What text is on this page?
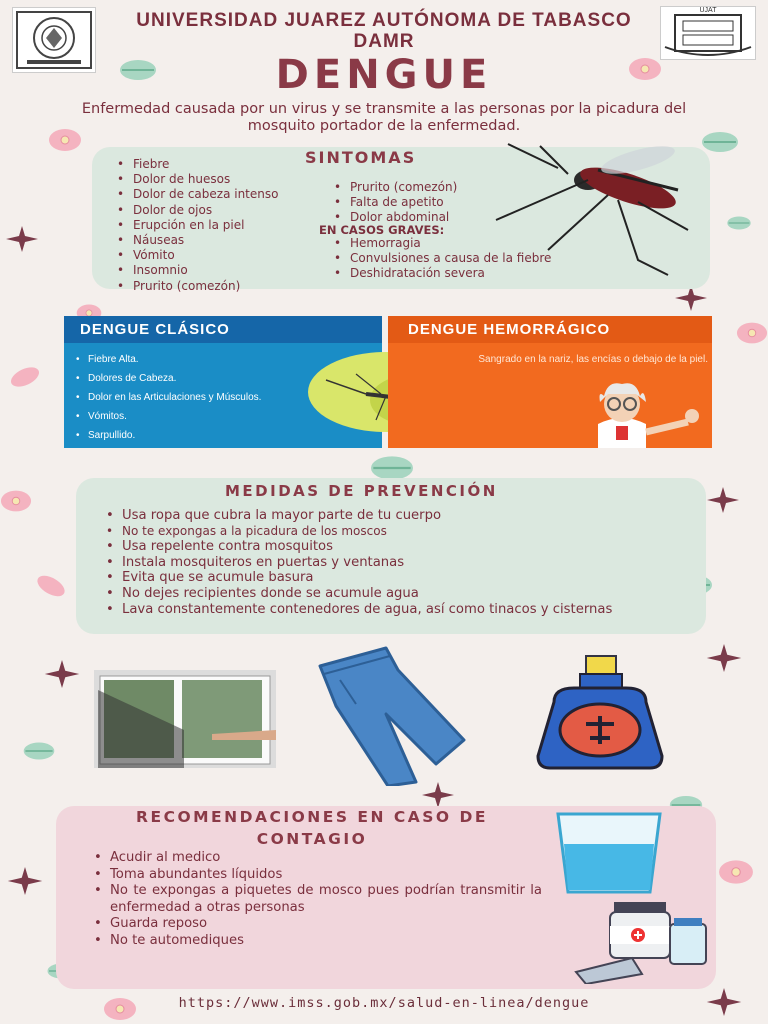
UJAT
UNIVERSIDAD JUAREZ AUTÓNOMA DE TABASCO
DAMR
DENGUE
Enfermedad causada por un virus y se transmite a las personas por la picadura del mosquito portador de la enfermedad.
SINTOMAS
• Fiebre
• Dolor de huesos
• Dolor de cabeza intenso
• Dolor de ojos
• Erupción en la piel
• Náuseas
• Vómito
• Insomnio
• Prurito (comezón)
• Prurito (comezón)
• Falta de apetito
• Dolor abdominal
EN CASOS GRAVES:
• Hemorragia
• Convulsiones a causa de la fiebre
• Deshidratación severa
DENGUE CLÁSICO
• Fiebre Alta.
• Dolores de Cabeza.
• Dolor en las Articulaciones y Músculos.
• Vómitos.
• Sarpullido.
DENGUE HEMORRÁGICO
Sangrado en la nariz, las encías o debajo de la piel.
MEDIDAS DE PREVENCIÓN
• Usa ropa que cubra la mayor parte de tu cuerpo
• No te expongas a la picadura de los moscos
• Usa repelente contra mosquitos
• Instala mosquiteros en puertas y ventanas
• Evita que se acumule basura
• No dejes recipientes donde se acumule agua
• Lava constantemente contenedores de agua, así como tinacos y cisternas
RECOMENDACIONES EN CASO DE
CONTAGIO
• Acudir al medico
• Toma abundantes líquidos
• No te expongas a piquetes de mosco pues podrían transmitir la enfermedad a otras personas
• Guarda reposo
• No te automediques
https://www.imss.gob.mx/salud-en-linea/dengue
